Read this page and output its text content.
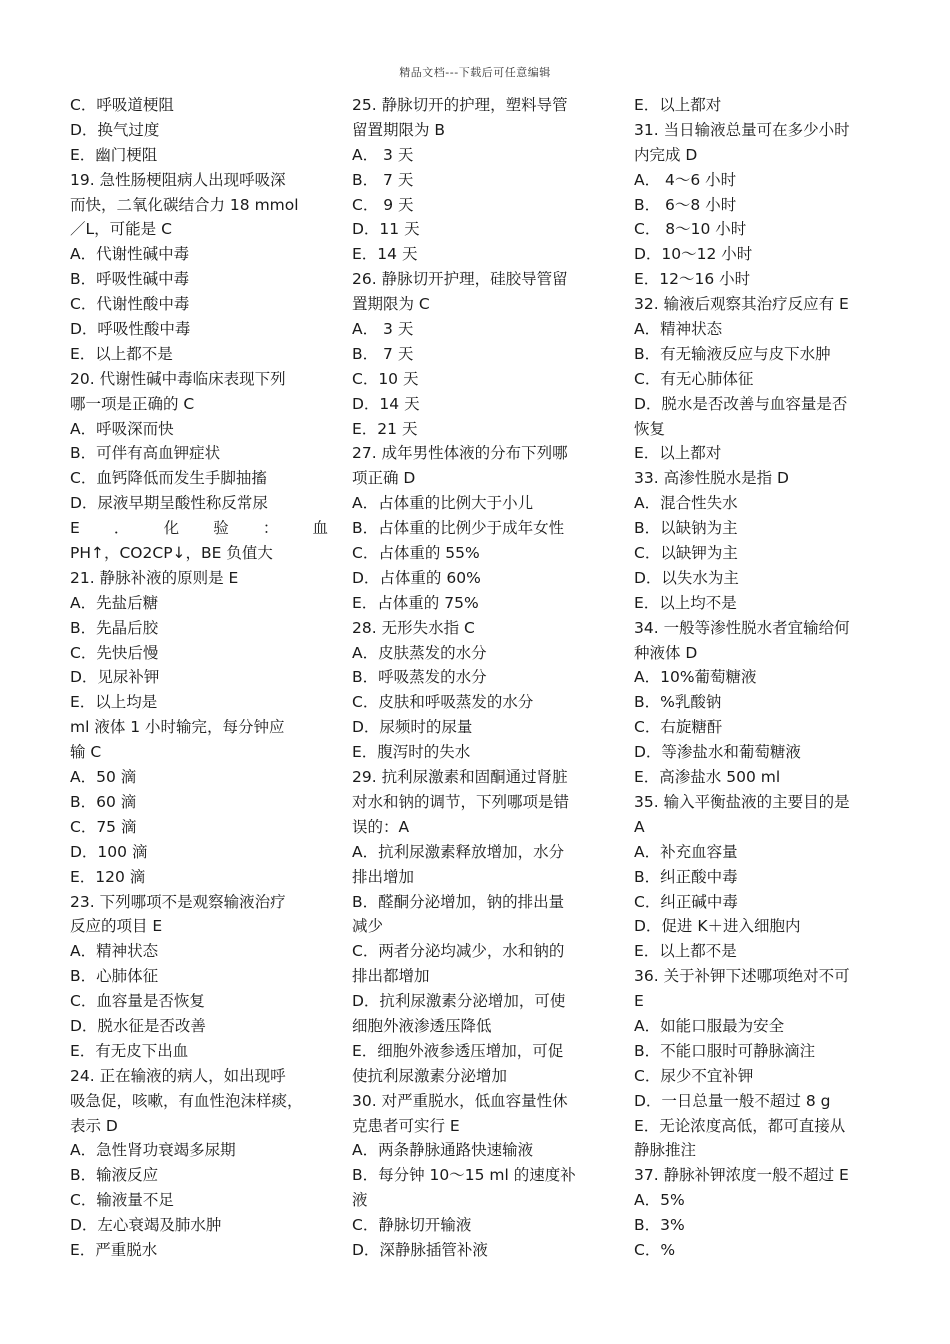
精品文档---下载后可任意编辑
C．呼吸道梗阻
D．换气过度
E．幽门梗阻
19. 急性肠梗阻病人出现呼吸深
而快，二氧化碳结合力 18 mmol
／L，可能是 C
A．代谢性碱中毒
B．呼吸性碱中毒
C．代谢性酸中毒
D．呼吸性酸中毒
E．以上都不是
20. 代谢性碱中毒临床表现下列
哪一项是正确的 C
A．呼吸深而快
B．可伴有高血钾症状
C．血钙降低而发生手脚抽搐
D．尿液早期呈酸性称反常尿
E ． 化 验 ： 血
PH↑，CO2CP↓，BE 负值大
21. 静脉补液的原则是 E
A．先盐后糖
B．先晶后胶
C．先快后慢
D．见尿补钾
E．以上均是
ml 液体 1 小时输完，每分钟应
输 C
A．50 滴
B．60 滴
C．75 滴
D．100 滴
E．120 滴
23. 下列哪项不是观察输液治疗
反应的项目 E
A．精神状态
B．心肺体征
C．血容量是否恢复
D．脱水征是否改善
E．有无皮下出血
24. 正在输液的病人，如出现呼
吸急促，咳嗽，有血性泡沫样痰，
表示 D
A．急性肾功衰竭多尿期
B．输液反应
C．输液量不足
D．左心衰竭及肺水肿
E．严重脱水
25. 静脉切开的护理，塑料导管
留置期限为 B
A． 3 天
B． 7 天
C． 9 天
D．11 天
E．14 天
26. 静脉切开护理，硅胶导管留
置期限为 C
A． 3 天
B． 7 天
C．10 天
D．14 天
E．21 天
27. 成年男性体液的分布下列哪
项正确 D
A．占体重的比例大于小儿
B．占体重的比例少于成年女性
C．占体重的 55%
D．占体重的 60%
E．占体重的 75%
28. 无形失水指 C
A．皮肤蒸发的水分
B．呼吸蒸发的水分
C．皮肤和呼吸蒸发的水分
D．尿频时的尿量
E．腹泻时的失水
29. 抗利尿激素和固酮通过肾脏
对水和钠的调节，下列哪项是错
误的：A
A．抗利尿激素释放增加，水分
排出增加
B．醛酮分泌增加，钠的排出量
减少
C．两者分泌均减少，水和钠的
排出都增加
D．抗利尿激素分泌增加，可使
细胞外液渗透压降低
E．细胞外液参透压增加，可促
使抗利尿激素分泌增加
30. 对严重脱水，低血容量性休
克患者可实行 E
A．两条静脉通路快速输液
B．每分钟 10～15 ml 的速度补
液
C．静脉切开输液
D．深静脉插管补液
E．以上都对
31. 当日输液总量可在多少小时
内完成 D
A． 4～6 小时
B． 6～8 小时
C． 8～10 小时
D．10～12 小时
E．12～16 小时
32. 输液后观察其治疗反应有 E
A．精神状态
B．有无输液反应与皮下水肿
C．有无心肺体征
D．脱水是否改善与血容量是否
恢复
E．以上都对
33. 高渗性脱水是指 D
A．混合性失水
B．以缺钠为主
C．以缺钾为主
D．以失水为主
E．以上均不是
34. 一般等渗性脱水者宜输给何
种液体 D
A．10%葡萄糖液
B．%乳酸钠
C．右旋糖酐
D．等渗盐水和葡萄糖液
E．高渗盐水 500 ml
35. 输入平衡盐液的主要目的是
A
A．补充血容量
B．纠正酸中毒
C．纠正碱中毒
D．促进 K＋进入细胞内
E．以上都不是
36. 关于补钾下述哪项绝对不可
E
A．如能口服最为安全
B．不能口服时可静脉滴注
C．尿少不宜补钾
D．一日总量一般不超过 8 g
E．无论浓度高低，都可直接从
静脉推注
37. 静脉补钾浓度一般不超过 E
A．5%
B．3%
C．%
